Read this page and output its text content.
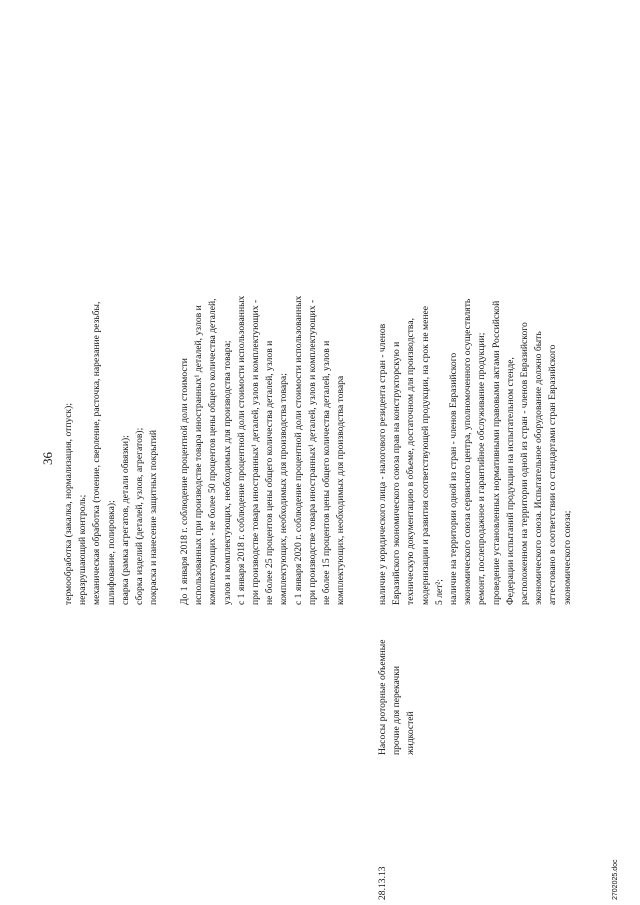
36 термообработка (закалка, нормализация, отпуск); неразрушающий контроль; механическая обработка (точение, сверление, расточка, нарезание резьбы, шлифование, полировка); сварка (рамка агрегатов, детали обвязки); сборка изделий (деталей, узлов, агрегатов); покраска и нанесение защитных покрытий До 1 января 2018 г. соблюдение процентной доли стоимости использованных при производстве товара иностранных¹ деталей, узлов и комплектующих - не более 50 процентов цены общего количества деталей, узлов и комплектующих, необходимых для производства товара; с 1 января 2018 г. соблюдение процентной доли стоимости использованных при производстве товара иностранных¹ деталей, узлов и комплектующих - не более 25 процентов цены общего количества деталей, узлов и комплектующих, необходимых для производства товара; с 1 января 2020 г. соблюдение процентной доли стоимости использованных при производстве товара иностранных¹ деталей, узлов и комплектующих - не более 15 процентов цены общего количества деталей, узлов и комплектующих, необходимых для производства товара

28.13.13

Насосы роторные объемные прочие для перекачки жидкостей

наличие у юридического лица - налогового резидента стран - членов Евразийского экономического союза прав на конструкторскую и техническую документацию в объеме, достаточном для производства, модернизации и развития соответствующей продукции, на срок не менее 5 лет²; наличие на территории одной из стран - членов Евразийского экономического союза сервисного центра, уполномоченного осуществлять ремонт, послепродажное и гарантийное обслуживание продукции; проведение установленных нормативными правовыми актами Российской Федерации испытаний продукции на испытательном стенде, расположенном на территории одной из стран - членов Евразийского экономического союза. Испытательное оборудование должно быть аттестовано в соответствии со стандартами стран Евразийского экономического союза;

2702025.doc
